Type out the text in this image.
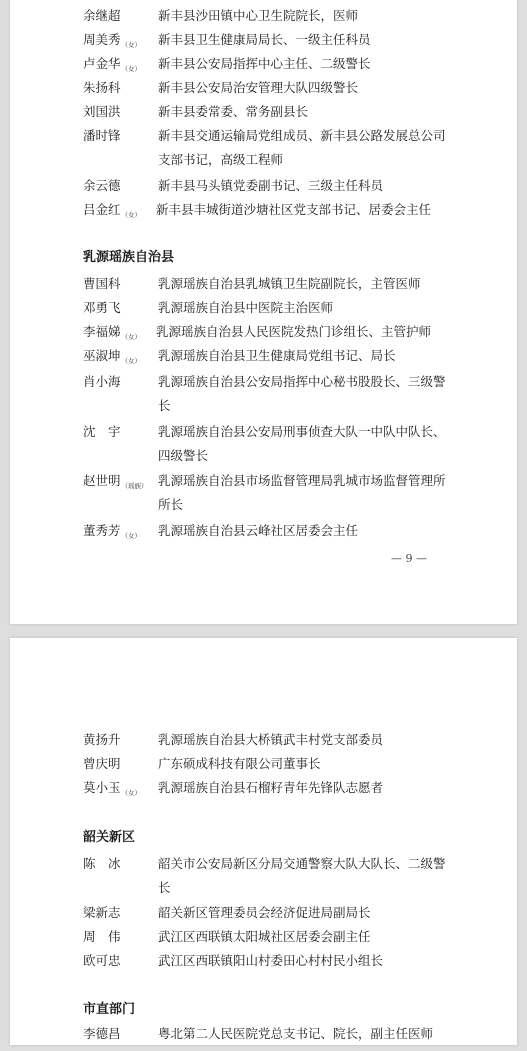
余继超	新丰县沙田镇中心卫生院院长，医师
周美秀$_{(女)}$ 新丰县卫生健康局局长、一级主任科员
卢金华$_{(女)}$ 新丰县公安局指挥中心主任、二级警长
朱扬科	新丰县公安局治安管理大队四级警长
刘国洪	新丰县委常委、常务副县长
潘时锋	新丰县交通运输局党组成员、新丰县公路发展总公司支部书记，高级工程师
余云德	新丰县马头镇党委副书记、三级主任科员
吕金红$_{(女)}$ 新丰县丰城街道沙塘社区党支部书记、居委会主任
乳源瑶族自治县
曹国科	乳源瑶族自治县乳城镇卫生院副院长，主管医师
邓勇飞	乳源瑶族自治县中医院主治医师
李福娣$_{(女)}$ 乳源瑶族自治县人民医院发热门诊组长、主管护师
巫淑坤$_{(女)}$ 乳源瑶族自治县卫生健康局党组书记、局长
肖小海	乳源瑶族自治县公安局指挥中心秘书股股长、三级警长
沈　宇	乳源瑶族自治县公安局刑事侦查大队一中队中队长、四级警长
赵世明$_{(瑶族)}$ 乳源瑶族自治县市场监督管理局乳城市场监督管理所所长
董秀芳$_{(女)}$ 乳源瑶族自治县云峰社区居委会主任
— 9 —
黄扬升	乳源瑶族自治县大桥镇武丰村党支部委员
曾庆明	广东硕成科技有限公司董事长
莫小玉$_{(女)}$ 乳源瑶族自治县石榴籽青年先锋队志愿者
韶关新区
陈　冰	韶关市公安局新区分局交通警察大队大队长、二级警长
梁新志	韶关新区管理委员会经济促进局副局长
周　伟	武江区西联镇太阳城社区居委会副主任
欧可忠	武江区西联镇阳山村委田心村村民小组长
市直部门
李德昌	粤北第二人民医院党总支书记、院长，副主任医师
